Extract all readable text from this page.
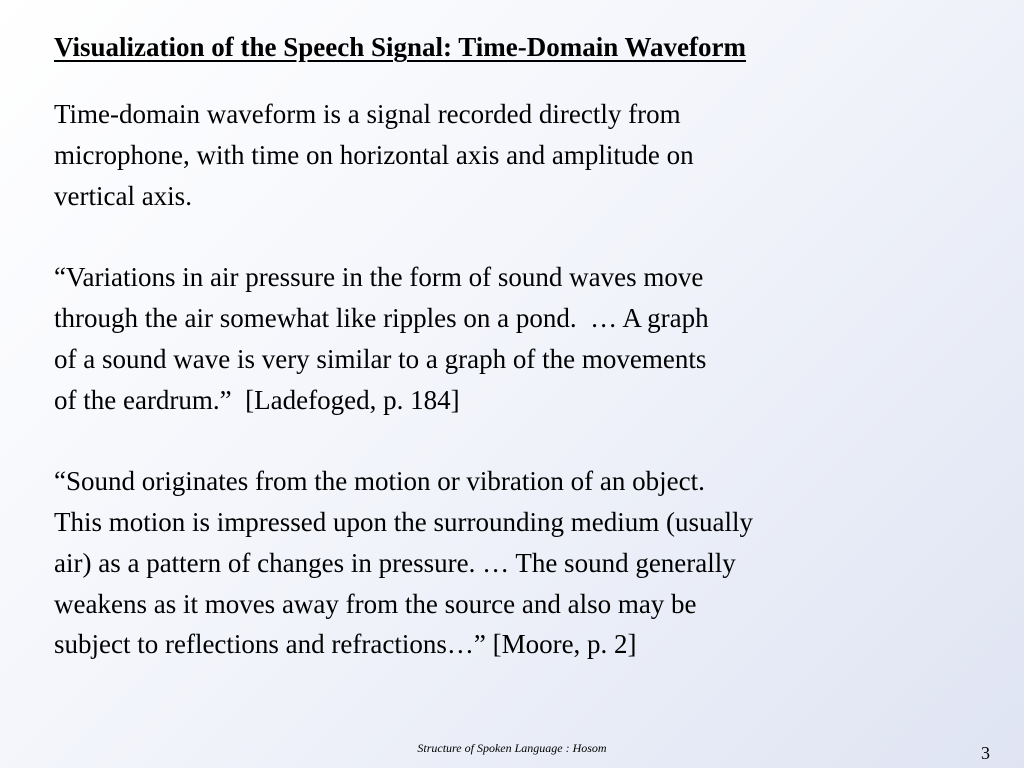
Visualization of the Speech Signal: Time-Domain Waveform

Time-domain waveform is a signal recorded directly from
microphone, with time on horizontal axis and amplitude on
vertical axis.

“Variations in air pressure in the form of sound waves move
through the air somewhat like ripples on a pond.  … A graph
of a sound wave is very similar to a graph of the movements
of the eardrum.”  [Ladefoged, p. 184]

“Sound originates from the motion or vibration of an object.
This motion is impressed upon the surrounding medium (usually
air) as a pattern of changes in pressure. … The sound generally
weakens as it moves away from the source and also may be
subject to reflections and refractions…” [Moore, p. 2]

Structure of Spoken Language : Hosom	3
